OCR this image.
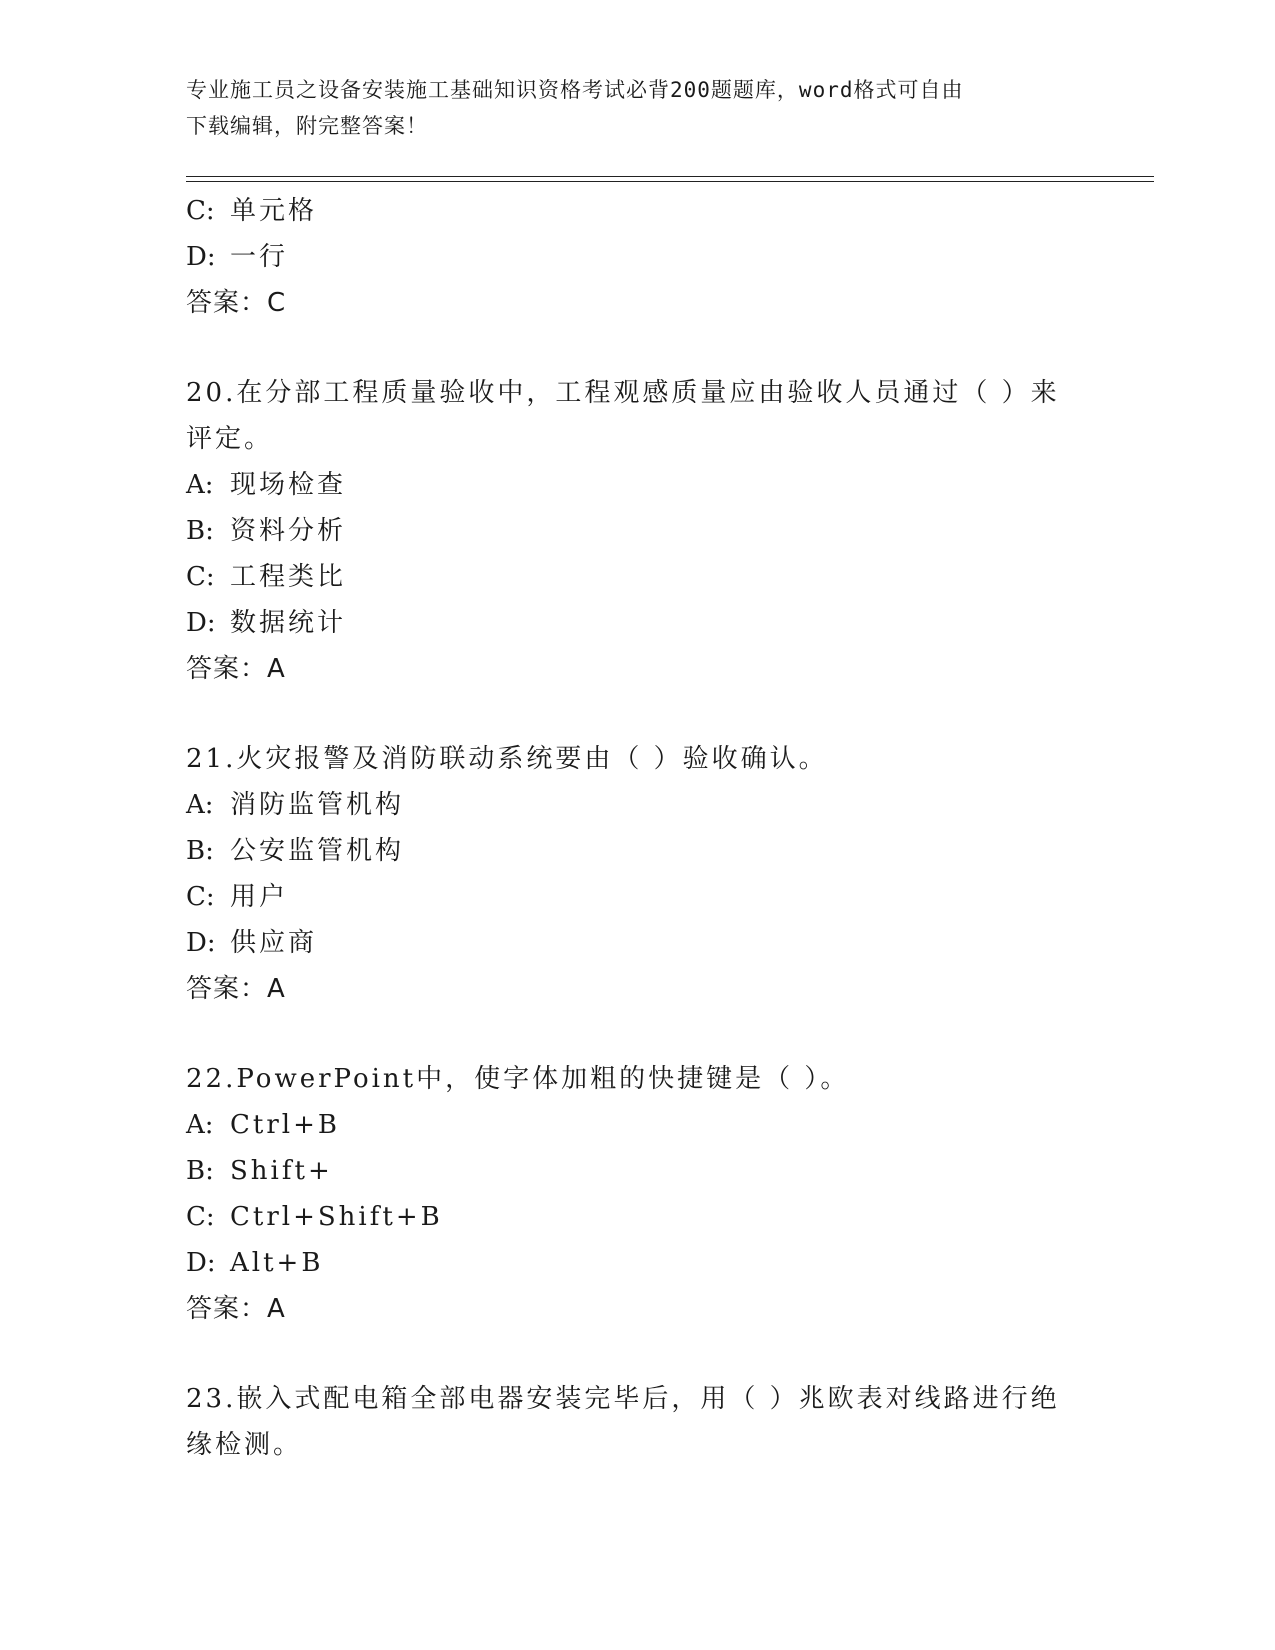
专业施工员之设备安装施工基础知识资格考试必背200题题库，word格式可自由
下载编辑，附完整答案！
C: 单元格
D: 一行
答案：C
20.在分部工程质量验收中，工程观感质量应由验收人员通过（ ）来
评定。
A: 现场检查
B: 资料分析
C: 工程类比
D: 数据统计
答案：A
21.火灾报警及消防联动系统要由（ ）验收确认。
A: 消防监管机构
B: 公安监管机构
C: 用户
D: 供应商
答案：A
22.PowerPoint中，使字体加粗的快捷键是（ ）。
A: Ctrl+B
B: Shift+
C: Ctrl+Shift+B
D: Alt+B
答案：A
23.嵌入式配电箱全部电器安装完毕后，用（ ）兆欧表对线路进行绝
缘检测。
